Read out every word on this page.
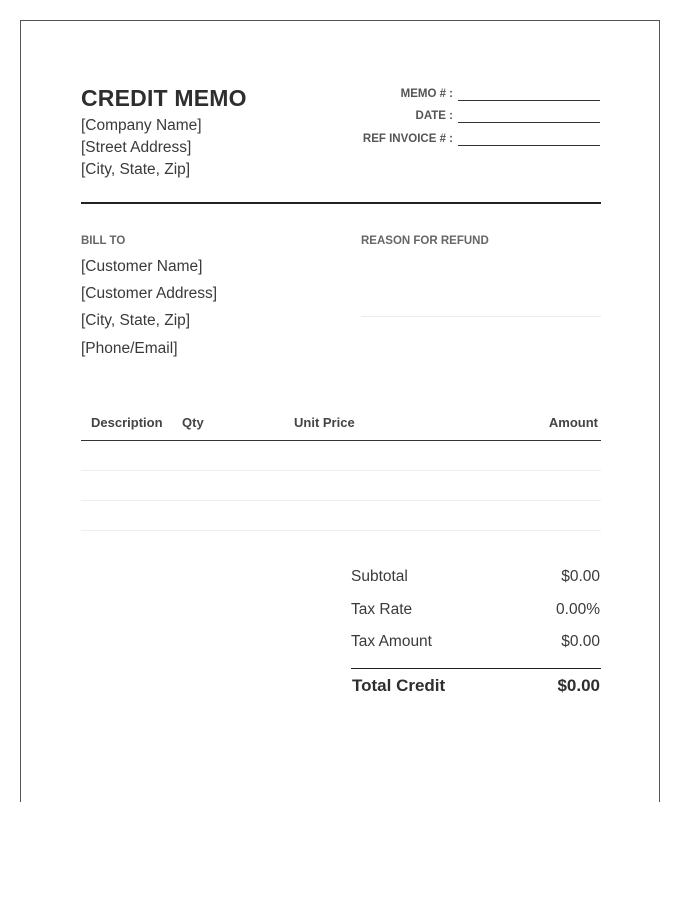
CREDIT MEMO
[Company Name]
[Street Address]
[City, State, Zip]
MEMO # :
DATE :
REF INVOICE # :
BILL TO
[Customer Name]
[Customer Address]
[City, State, Zip]
[Phone/Email]
REASON FOR REFUND
Description Qty	Unit Price	Amount
Subtotal	$0.00
Tax Rate	0.00%
Tax Amount	$0.00
Total Credit	$0.00
